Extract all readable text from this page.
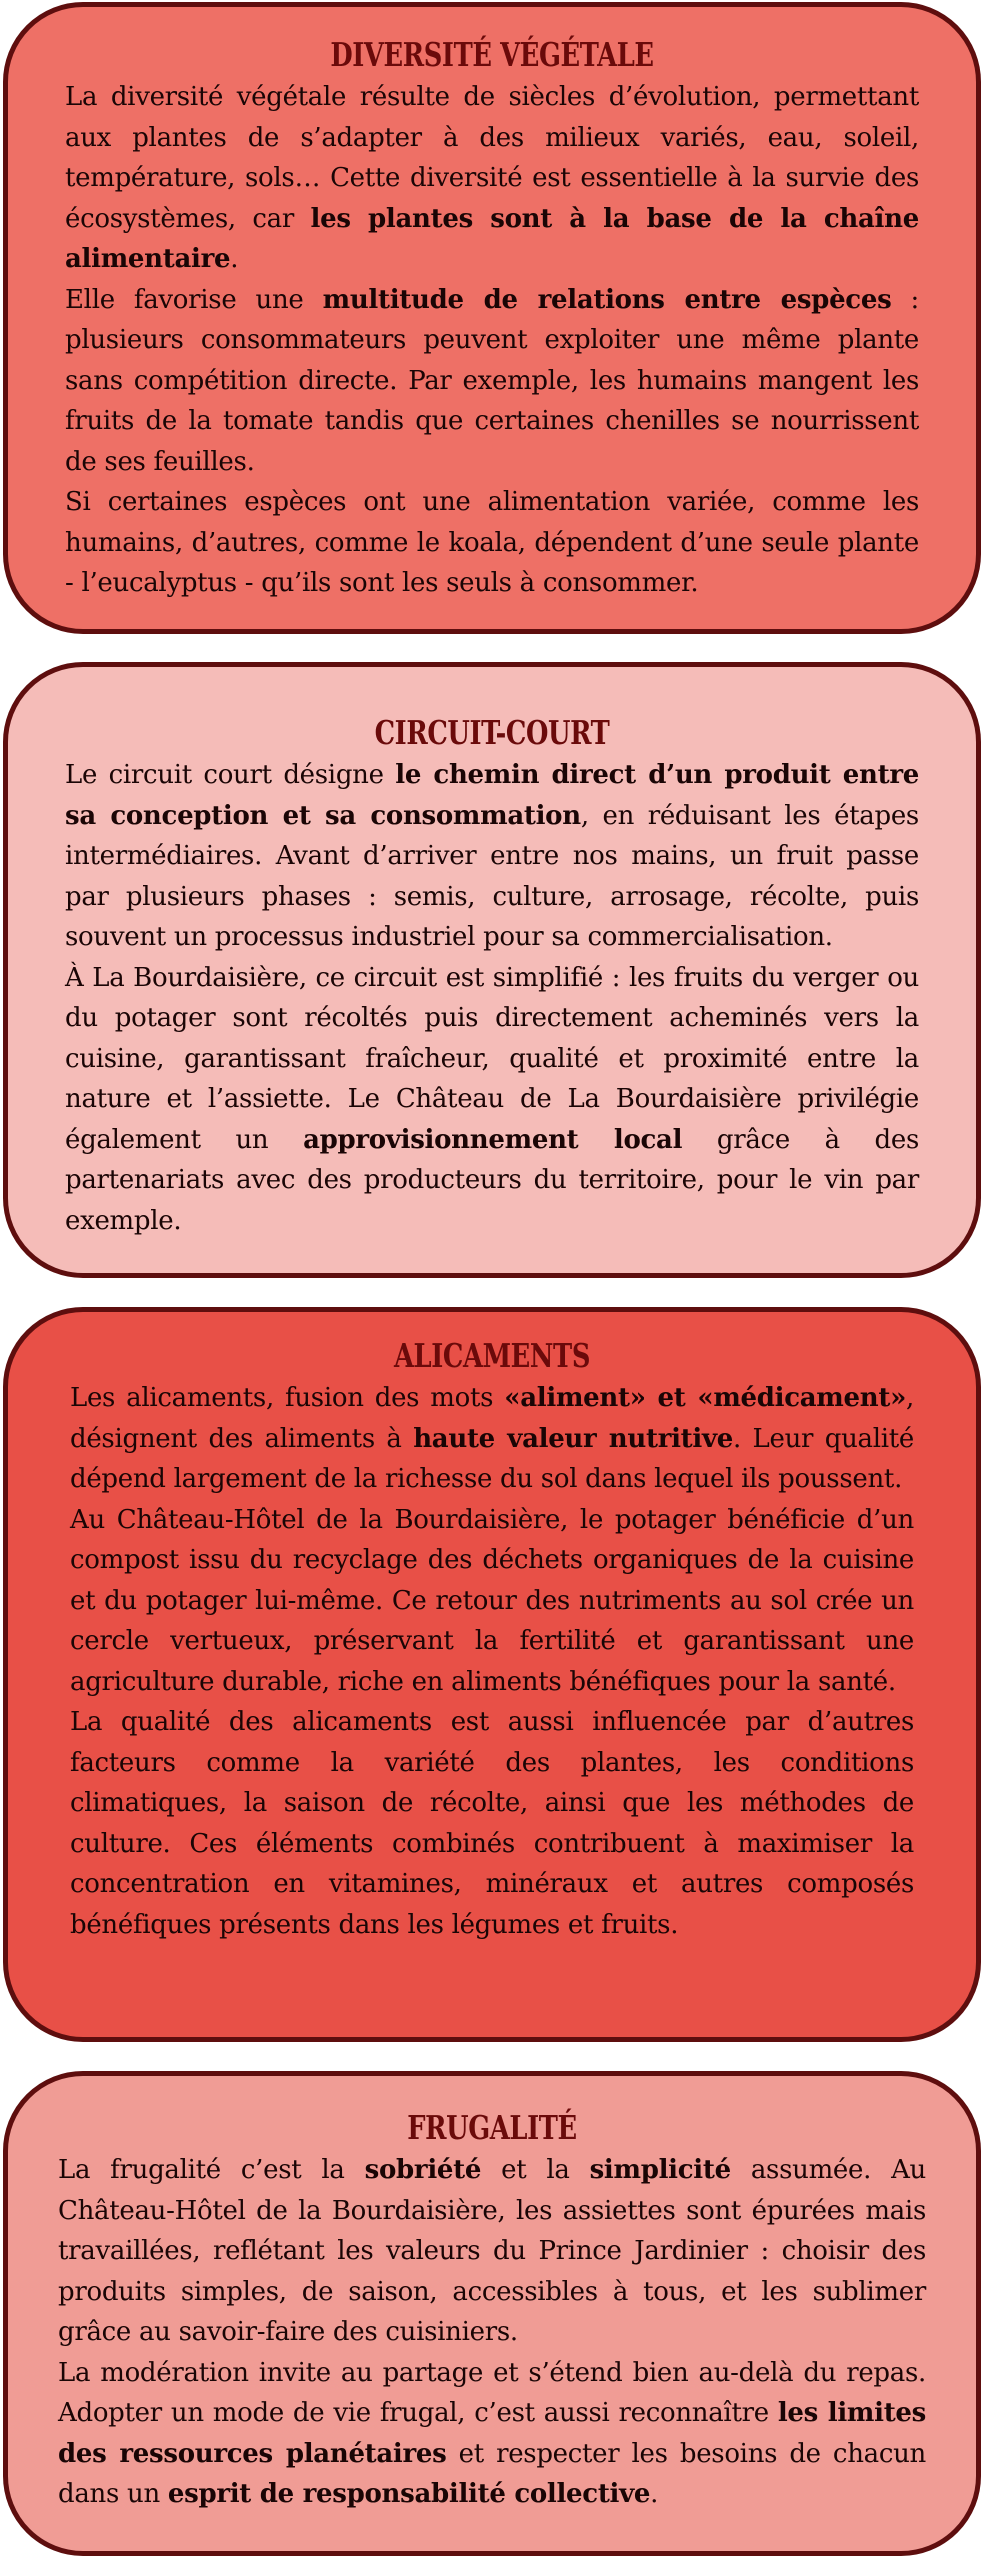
DIVERSITÉ VÉGÉTALE

La diversité végétale résulte de siècles d’évolution, permettant aux plantes de s’adapter à des milieux variés, eau, soleil, température, sols… Cette diversité est essentielle à la survie des écosystèmes, car les plantes sont à la base de la chaîne alimentaire.

Elle favorise une multitude de relations entre espèces : plusieurs consommateurs peuvent exploiter une même plante sans compétition directe. Par exemple, les humains mangent les fruits de la tomate tandis que certaines chenilles se nourrissent de ses feuilles.

Si certaines espèces ont une alimentation variée, comme les humains, d’autres, comme le koala, dépendent d’une seule plante - l’eucalyptus - qu’ils sont les seuls à consommer.

CIRCUIT-COURT

Le circuit court désigne le chemin direct d’un produit entre sa conception et sa consommation, en réduisant les étapes intermédiaires. Avant d’arriver entre nos mains, un fruit passe par plusieurs phases : semis, culture, arrosage, récolte, puis souvent un processus industriel pour sa commercialisation.

À La Bourdaisière, ce circuit est simplifié : les fruits du verger ou du potager sont récoltés puis directement acheminés vers la cuisine, garantissant fraîcheur, qualité et proximité entre la nature et l’assiette. Le Château de La Bourdaisière privilégie également un approvisionnement local grâce à des partenariats avec des producteurs du territoire, pour le vin par exemple.

ALICAMENTS

Les alicaments, fusion des mots «aliment» et «médicament», désignent des aliments à haute valeur nutritive. Leur qualité dépend largement de la richesse du sol dans lequel ils poussent.

Au Château-Hôtel de la Bourdaisière, le potager bénéficie d’un compost issu du recyclage des déchets organiques de la cuisine et du potager lui-même. Ce retour des nutriments au sol crée un cercle vertueux, préservant la fertilité et garantissant une agriculture durable, riche en aliments bénéfiques pour la santé.

La qualité des alicaments est aussi influencée par d’autres facteurs comme la variété des plantes, les conditions climatiques, la saison de récolte, ainsi que les méthodes de culture. Ces éléments combinés contribuent à maximiser la concentration en vitamines, minéraux et autres composés bénéfiques présents dans les légumes et fruits.

FRUGALITÉ

La frugalité c’est la sobriété et la simplicité assumée. Au Château-Hôtel de la Bourdaisière, les assiettes sont épurées mais travaillées, reflétant les valeurs du Prince Jardinier : choisir des produits simples, de saison, accessibles à tous, et les sublimer grâce au savoir-faire des cuisiniers.

La modération invite au partage et s’étend bien au-delà du repas. Adopter un mode de vie frugal, c’est aussi reconnaître les limites des ressources planétaires et respecter les besoins de chacun dans un esprit de responsabilité collective.
